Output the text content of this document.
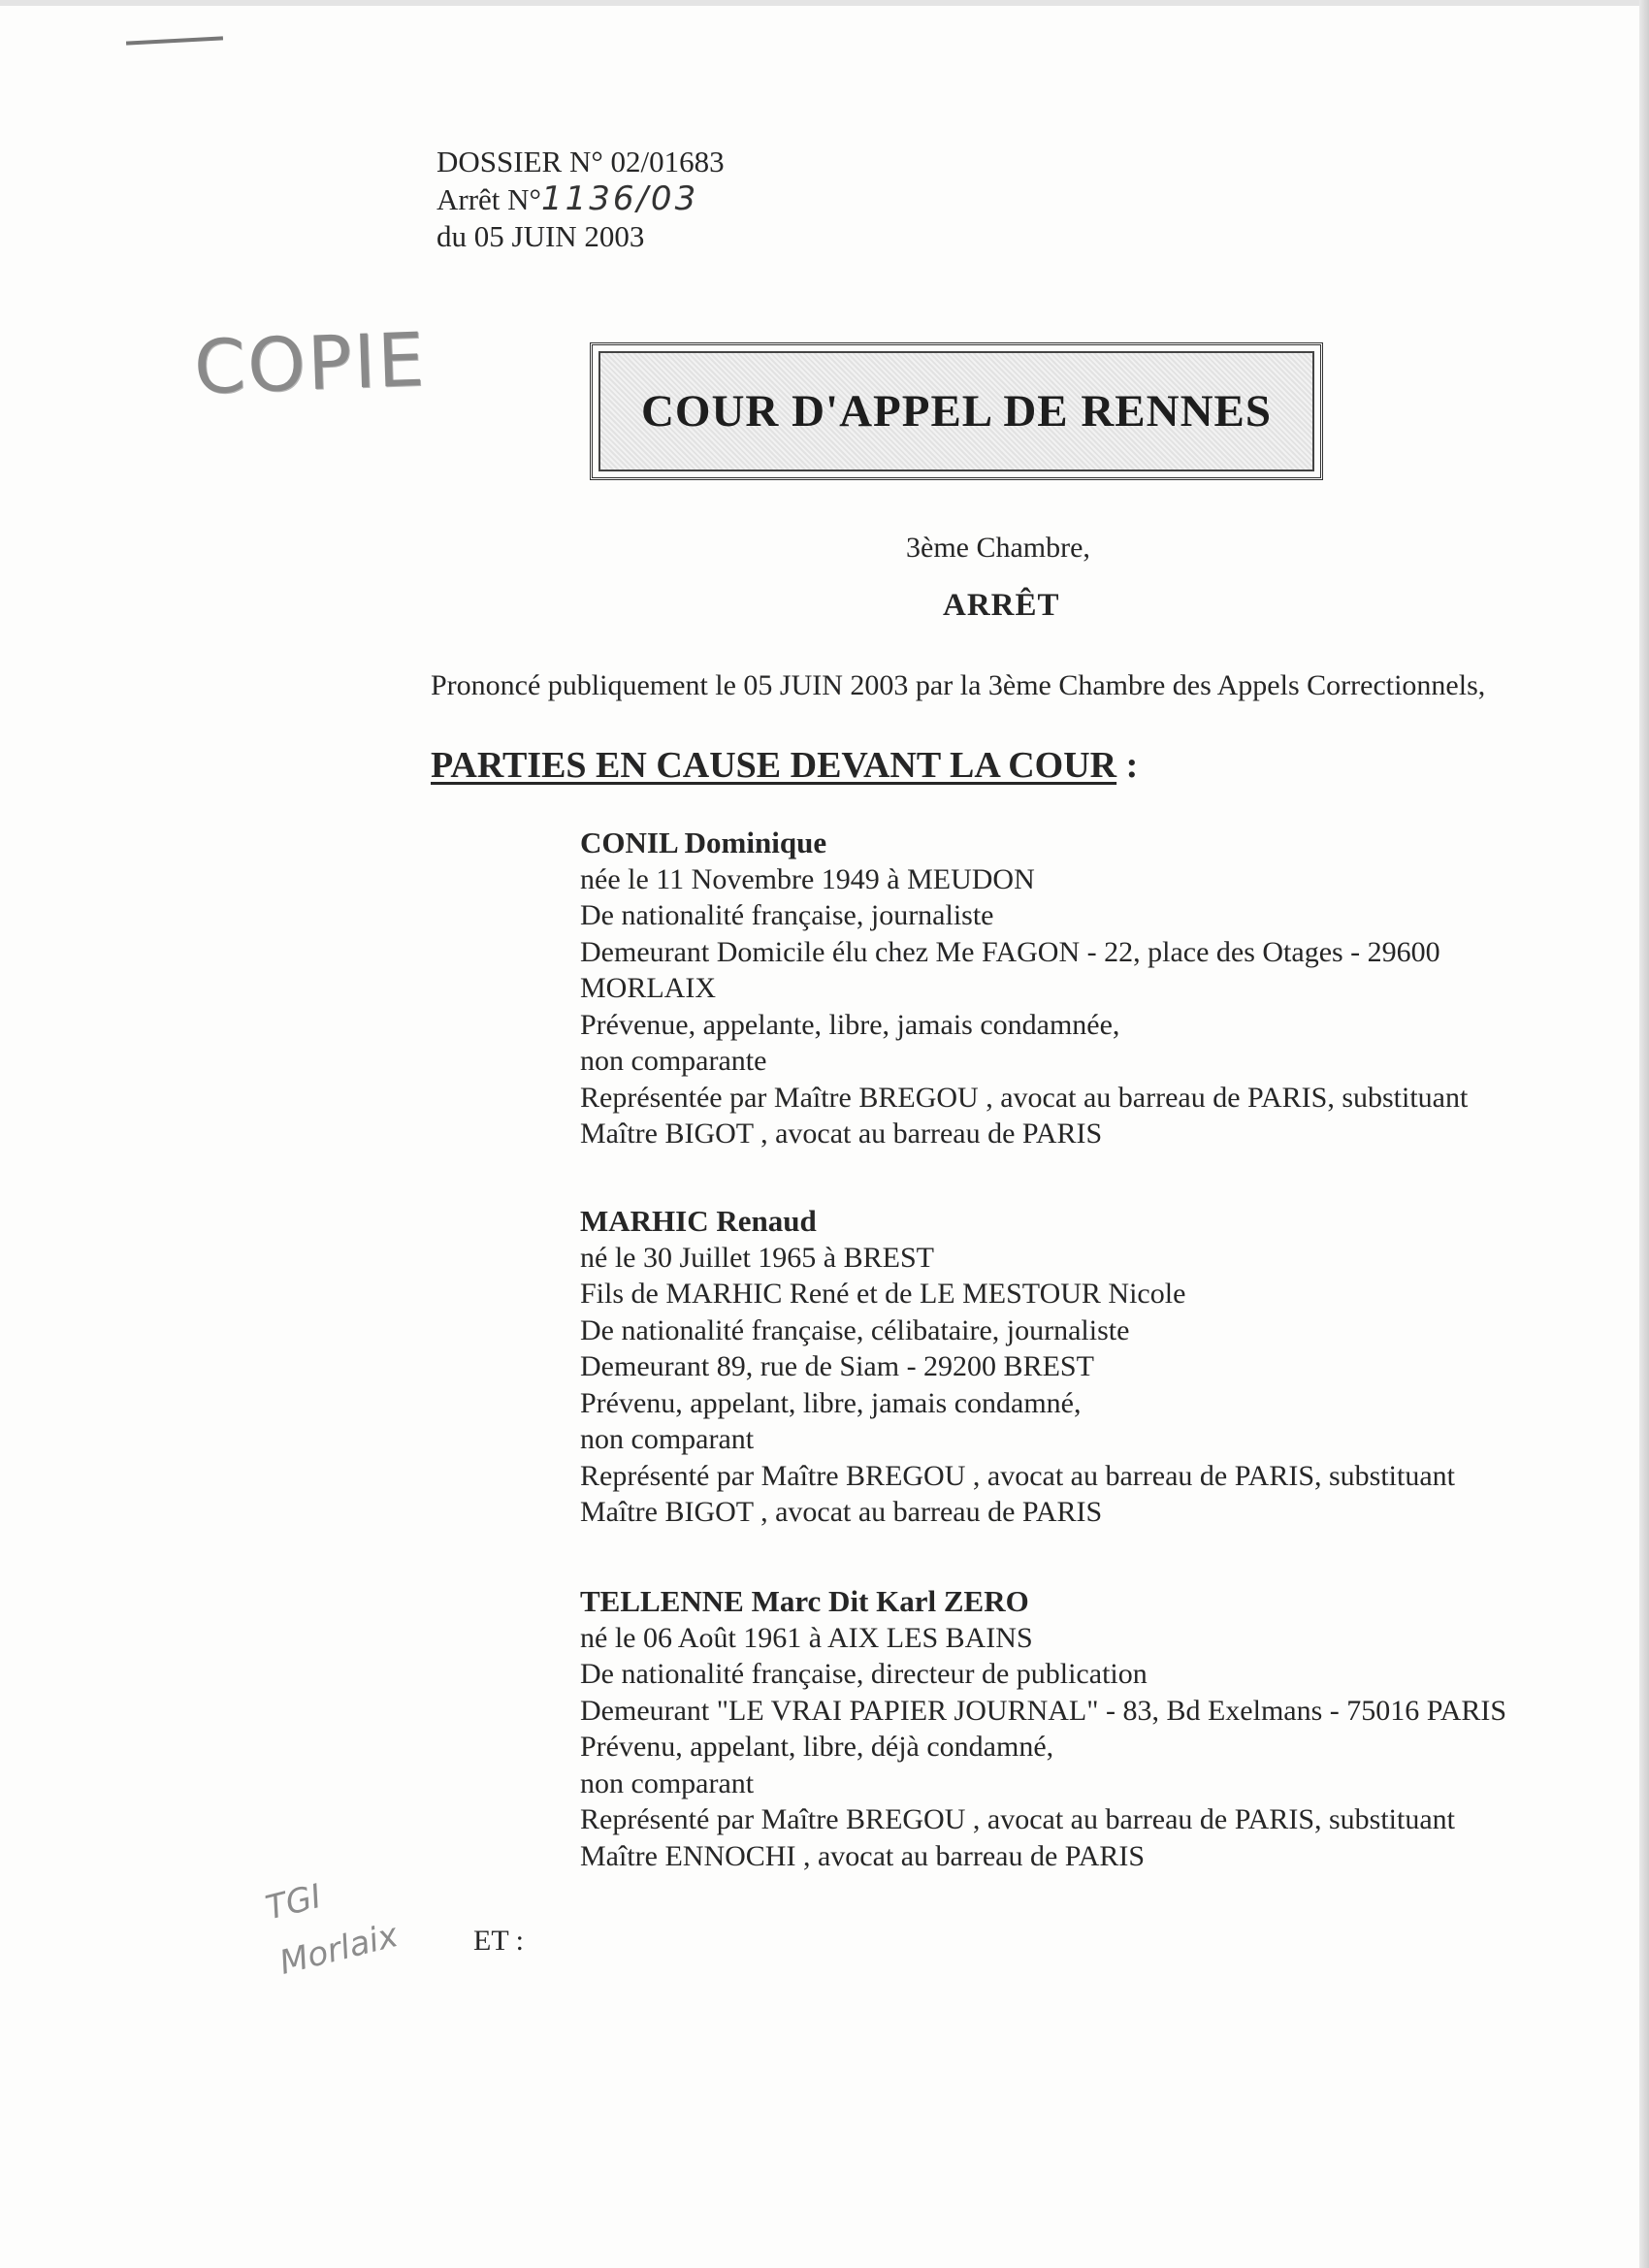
DOSSIER N° 02/01683
Arrêt N°1136/03
du 05 JUIN 2003
COPIE
COUR D'APPEL DE RENNES
3ème Chambre,
ARRÊT
Prononcé publiquement le 05 JUIN 2003 par la 3ème Chambre des Appels Correctionnels,
PARTIES EN CAUSE DEVANT LA COUR :
CONIL Dominique
née le 11 Novembre 1949 à MEUDON
De nationalité française, journaliste
Demeurant Domicile élu chez Me FAGON - 22, place des Otages - 29600
MORLAIX
Prévenue, appelante, libre, jamais condamnée,
non comparante
Représentée par Maître BREGOU , avocat au barreau de PARIS, substituant
Maître BIGOT , avocat au barreau de PARIS
MARHIC Renaud
né le 30 Juillet 1965 à BREST
Fils de MARHIC René et de LE MESTOUR Nicole
De nationalité française, célibataire, journaliste
Demeurant 89, rue de Siam - 29200 BREST
Prévenu, appelant, libre, jamais condamné,
non comparant
Représenté par Maître BREGOU , avocat au barreau de PARIS, substituant
Maître BIGOT , avocat au barreau de PARIS
TELLENNE Marc Dit Karl ZERO
né le 06 Août 1961 à AIX LES BAINS
De nationalité française, directeur de publication
Demeurant "LE VRAI PAPIER JOURNAL" - 83, Bd Exelmans - 75016 PARIS
Prévenu, appelant, libre, déjà condamné,
non comparant
Représenté par Maître BREGOU , avocat au barreau de PARIS, substituant
Maître ENNOCHI , avocat au barreau de PARIS
TGI
Morlaix ET :
